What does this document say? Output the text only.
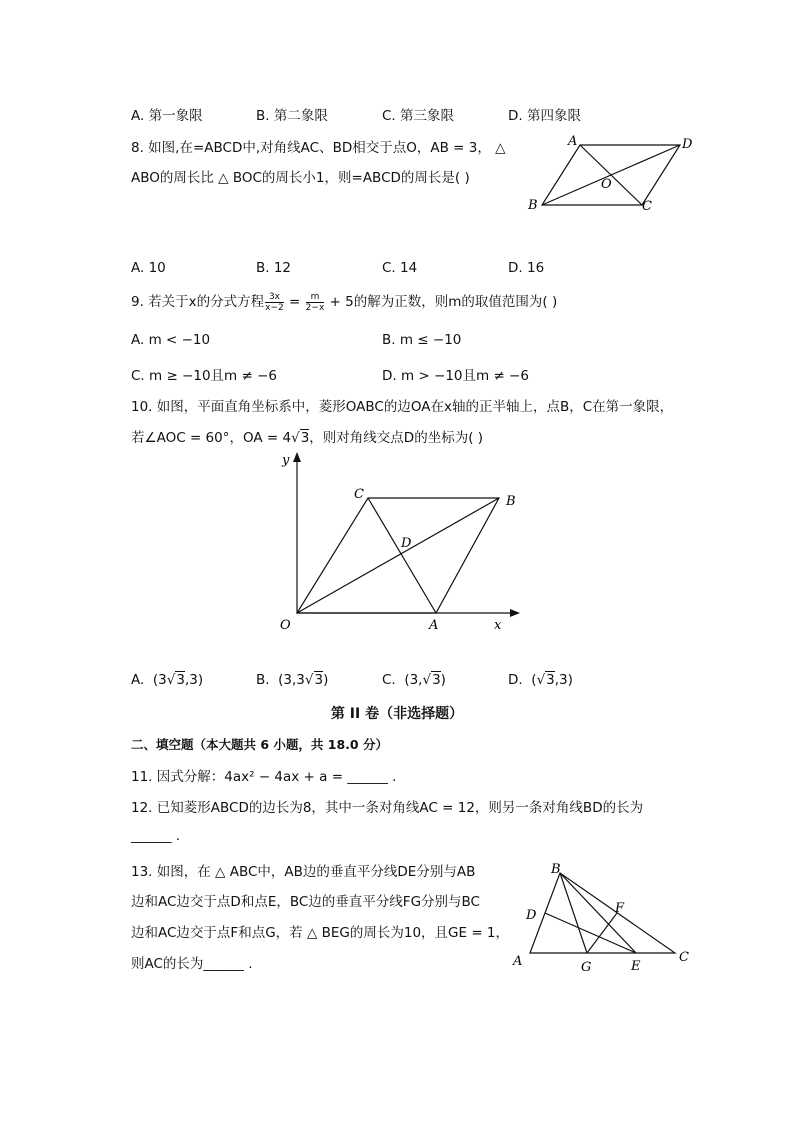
A. 第一象限	B. 第二象限	C. 第三象限	D. 第四象限
8. 如图,在=ABCD中,对角线AC、BD相交于点O，AB = 3， △
ABO的周长比 △ BOC的周长小1，则=ABCD的周长是( )
A	D
B	C
O
A. 10	B. 12	C. 14	D. 16
9. 若关于x的分式方程 $\frac{3x}{x-2} = \frac{m}{2-x} + 5$的解为正数，则m的取值范围为( )
A. m < −10	B. m ≤ −10
C. m ≥ −10且m ≠ −6	D. m > −10且m ≠ −6
10. 如图，平面直角坐标系中，菱形OABC的边OA在x轴的正半轴上，点B，C在第一象限，
若∠AOC = 60°，OA = 4√3，则对角线交点D的坐标为( )
y
x
O	A
B
C
D
A. (3√3,3)	B. (3,3√3)	C. (3,√3)	D. (√3,3)
第 II 卷（非选择题）
二、填空题（本大题共 6 小题，共 18.0 分）
11. 因式分解：4ax² − 4ax + a = ______ .
12. 已知菱形ABCD的边长为8，其中一条对角线AC = 12，则另一条对角线BD的长为
______ .
13. 如图，在 △ ABC中，AB边的垂直平分线DE分别与AB
边和AC边交于点D和点E，BC边的垂直平分线FG分别与BC
边和AC边交于点F和点G，若 △ BEG的周长为10，且GE = 1，
则AC的长为______ .	A
B
C
D
E
F
G
